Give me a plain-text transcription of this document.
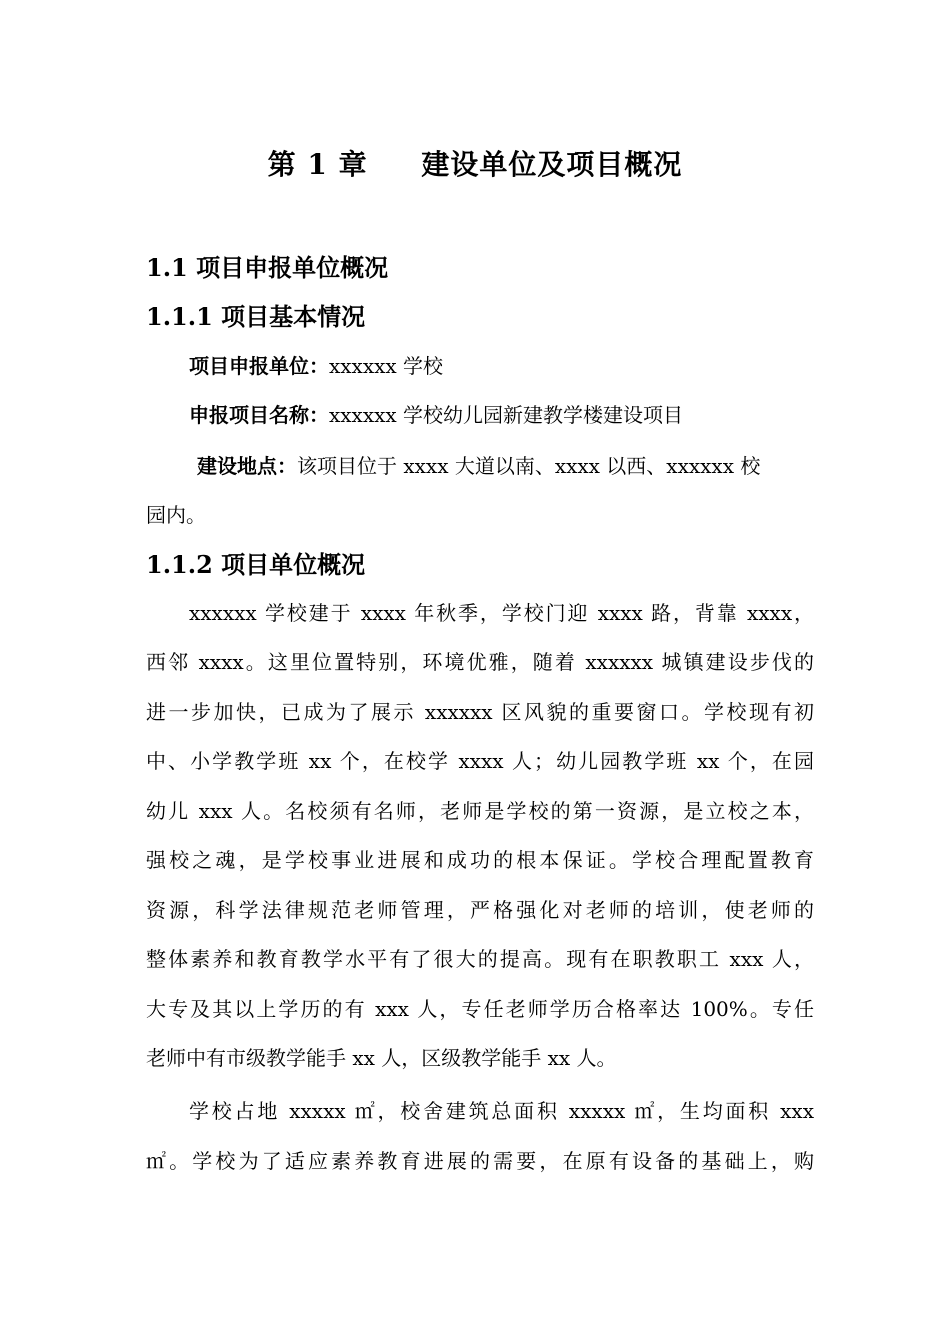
第 1 章     建设单位及项目概况
1.1 项目申报单位概况
1.1.1 项目基本情况
项目申报单位：xxxxxx 学校
申报项目名称：xxxxxx 学校幼儿园新建教学楼建设项目
建设地点：该项目位于 xxxx 大道以南、xxxx 以西、xxxxxx 校
园内。
1.1.2 项目单位概况
xxxxxx 学校建于 xxxx 年秋季，学校门迎 xxxx 路，背靠 xxxx，
西邻 xxxx。这里位置特别，环境优雅，随着 xxxxxx 城镇建设步伐的
进一步加快，已成为了展示 xxxxxx 区风貌的重要窗口。学校现有初
中、小学教学班 xx 个，在校学 xxxx 人；幼儿园教学班 xx 个，在园
幼儿 xxx 人。名校须有名师，老师是学校的第一资源，是立校之本，
强校之魂，是学校事业进展和成功的根本保证。学校合理配置教育
资源，科学法律规范老师管理，严格强化对老师的培训，使老师的
整体素养和教育教学水平有了很大的提高。现有在职教职工 xxx 人，
大专及其以上学历的有 xxx 人，专任老师学历合格率达 100%。专任
老师中有市级教学能手 xx 人，区级教学能手 xx 人。
学校占地 xxxxx ㎡，校舍建筑总面积 xxxxx ㎡，生均面积 xxx
㎡。学校为了适应素养教育进展的需要，在原有设备的基础上，购
